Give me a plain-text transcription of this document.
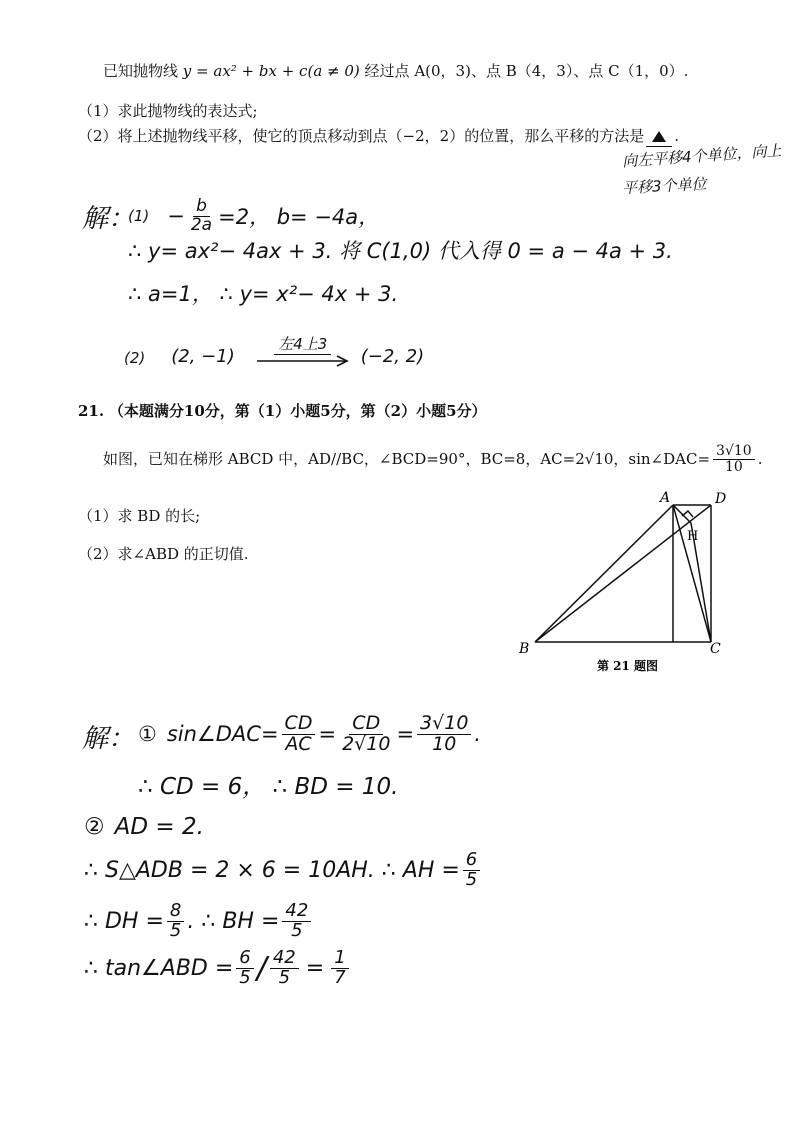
已知抛物线 y = ax² + bx + c(a ≠ 0) 经过点 A(0，3)、点 B（4，3）、点 C（1，0）.
（1）求此抛物线的表达式;
（2）将上述抛物线平移，使它的顶点移动到点（−2，2）的位置，那么平移的方法是 .
向左平移4个单位，向上
平移3个单位
解：
$(1) - \frac{b}{2a} =2$， b= −4a，
∴ y= ax²− 4ax + 3. 将 C(1,0) 代入得 0 = a − 4a + 3.
∴ a=1， ∴ y= x²− 4x + 3.
(2) (2, −1)
左4上3
(−2, 2)
21. （本题满分10分，第（1）小题5分，第（2）小题5分）
如图，已知在梯形 ABCD 中，AD//BC，∠BCD=90°，BC=8，AC=2√10，sin∠DAC= $\frac{3√10}{10}$ .
（1）求 BD 的长;
（2）求∠ABD 的正切值.
A	D
B	C
H
第 21 题图
解： ① sin∠DAC= $\frac{CD}{AC} = \frac{CD}{2√10} = \frac{3√10}{10}$ .
∴ CD = 6， ∴ BD = 10.
② AD = 2.
∴ S△ADB = 2 × 6 = 10AH. ∴ AH = $\frac{6}{5}$
∴ DH = $\frac{8}{5}$ . ∴ BH = $\frac{42}{5}$
∴ tan∠ABD = $\frac{6}{5} / \frac{42}{5} = \frac{1}{7}$
